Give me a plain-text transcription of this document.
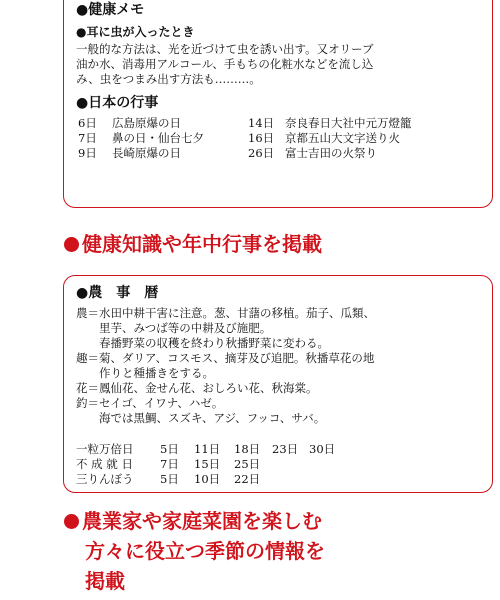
●健康メモ
●耳に虫が入ったとき
一般的な方法は、光を近づけて虫を誘い出す。又オリーブ
油か水、消毒用アルコール、手もちの化粧水などを流し込
み、虫をつまみ出す方法も………。
●日本の行事
6日 広島原爆の日
7日 鼻の日・仙台七夕
9日 長崎原爆の日
14日 奈良春日大社中元万燈籠
16日 京都五山大文字送り火
26日 富士吉田の火祭り
健康知識や年中行事を掲載
●農　事　暦
農＝水田中耕干害に注意。葱、甘藷の移植。茄子、瓜類、
　　里芋、みつば等の中耕及び施肥。
　　春播野菜の収穫を終わり秋播野菜に変わる。
趣＝菊、ダリア、コスモス、摘芽及び追肥。秋播草花の地
　　作りと種播きをする。
花＝鳳仙花、金せん花、おしろい花、秋海棠。
釣＝セイゴ、イワナ、ハゼ。
　　海では黒鯛、スズキ、アジ、フッコ、サバ。
一粒万倍日 5日 11日 18日 23日 30日
不 成 就 日 7日 15日 25日
三りんぼう 5日 10日 22日
農業家や家庭菜園を楽しむ
方々に役立つ季節の情報を
掲載
